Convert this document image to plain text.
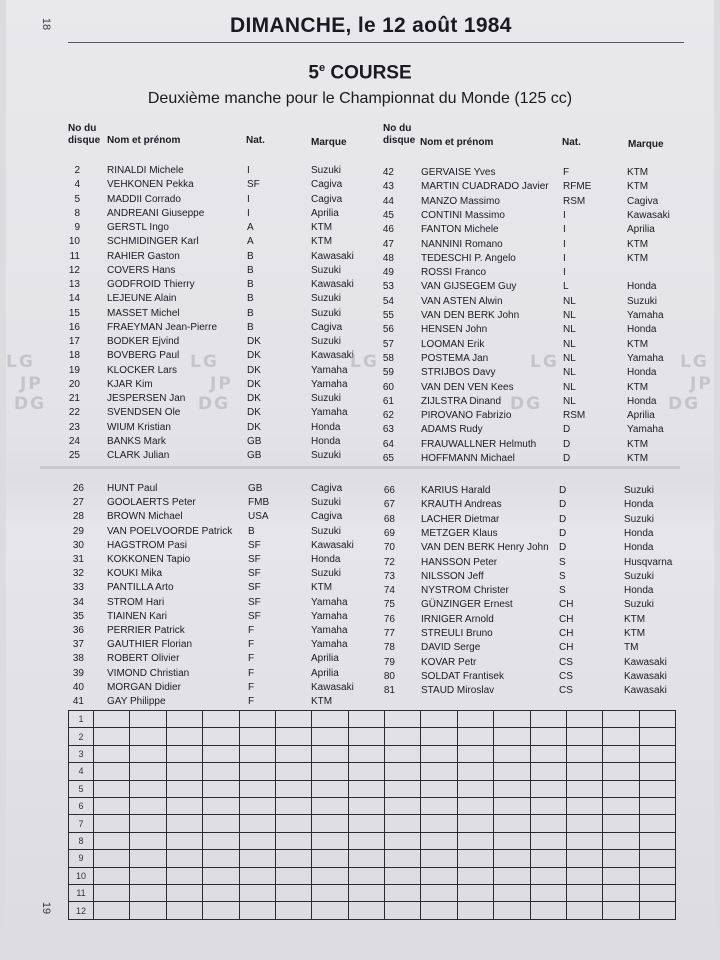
18
19
DIMANCHE, le 12 août 1984
5e COURSE
Deuxième manche pour le Championnat du Monde (125 cc)
No du
disque Nom et prénom	Nat.	Marque
No du
disque Nom et prénom	Nat.	Marque
2	RINALDI Michele	I	Suzuki
4	VEHKONEN Pekka	SF	Cagiva
5	MADDII Corrado	I	Cagiva
8	ANDREANI Giuseppe	I	Aprilia
9	GERSTL Ingo	A	KTM
10	SCHMIDINGER Karl	A	KTM
11	RAHIER Gaston	B	Kawasaki
12	COVERS Hans	B	Suzuki
13	GODFROID Thierry	B	Kawasaki
14	LEJEUNE Alain	B	Suzuki
15	MASSET Michel	B	Suzuki
16	FRAEYMAN Jean-Pierre	B	Cagiva
17	BODKER Ejvind	DK	Suzuki
18	BOVBERG Paul	DK	Kawasaki
19	KLOCKER Lars	DK	Yamaha
20	KJAR Kim	DK	Yamaha
21	JESPERSEN Jan	DK	Suzuki
22	SVENDSEN Ole	DK	Yamaha
23	WIUM Kristian	DK	Honda
24	BANKS Mark	GB	Honda
25	CLARK Julian	GB	Suzuki
42	GERVAISE Yves	F	KTM
43	MARTIN CUADRADO Javier RFME	KTM
44	MANZO Massimo	RSM	Cagiva
45	CONTINI Massimo	I	Kawasaki
46	FANTON Michele	I	Aprilia
47	NANNINI Romano	I	KTM
48	TEDESCHI P. Angelo	I	KTM
49	ROSSI Franco	I
53	VAN GIJSEGEM Guy	L	Honda
54	VAN ASTEN Alwin	NL	Suzuki
55	VAN DEN BERK John	NL	Yamaha
56	HENSEN John	NL	Honda
57	LOOMAN Erik	NL	KTM
58	POSTEMA Jan	NL	Yamaha
59	STRIJBOS Davy	NL	Honda
60	VAN DEN VEN Kees	NL	KTM
61	ZIJLSTRA Dinand	NL	Honda
62	PIROVANO Fabrizio	RSM	Aprilia
63	ADAMS Rudy	D	Yamaha
64	FRAUWALLNER Helmuth	D	KTM
65	HOFFMANN Michael	D	KTM
26 HUNT Paul	GB	Cagiva
27 GOOLAERTS Peter	FMB	Suzuki
28 BROWN Michael	USA	Cagiva
29 VAN POELVOORDE Patrick B	Suzuki
30 HAGSTROM Pasi	SF	Kawasaki
31 KOKKONEN Tapio	SF	Honda
32 KOUKI Mika	SF	Suzuki
33 PANTILLA Arto	SF	KTM
34 STROM Hari	SF	Yamaha
35 TIAINEN Kari	SF	Yamaha
36 PERRIER Patrick	F	Yamaha
37 GAUTHIER Florian	F	Yamaha
38 ROBERT Olivier	F	Aprilia
39 VIMOND Christian	F	Aprilia
40 MORGAN Didier	F	Kawasaki
41 GAY Philippe	F	KTM
66	KARIUS Harald	D	Suzuki
67	KRAUTH Andreas	D	Honda
68	LACHER Dietmar	D	Suzuki
69	METZGER Klaus	D	Honda
70	VAN DEN BERK Henry John D	Honda
72	HANSSON Peter	S	Husqvarna
73	NILSSON Jeff	S	Suzuki
74	NYSTROM Christer	S	Honda
75	GÜNZINGER Ernest	CH	Suzuki
76	IRNIGER Arnold	CH	KTM
77	STREULI Bruno	CH	KTM
78	DAVID Serge	CH	TM
79	KOVAR Petr	CS	Kawasaki
80	SOLDAT Frantisek	CS	Kawasaki
81	STAUD Miroslav	CS	Kawasaki
LG	LG	LG	LG	LG
JP	JP	JP
DG	DG	DG	DG
1																
2																
3																
4																
5																
6																
7																
8																
9																
10																
11																
12																
